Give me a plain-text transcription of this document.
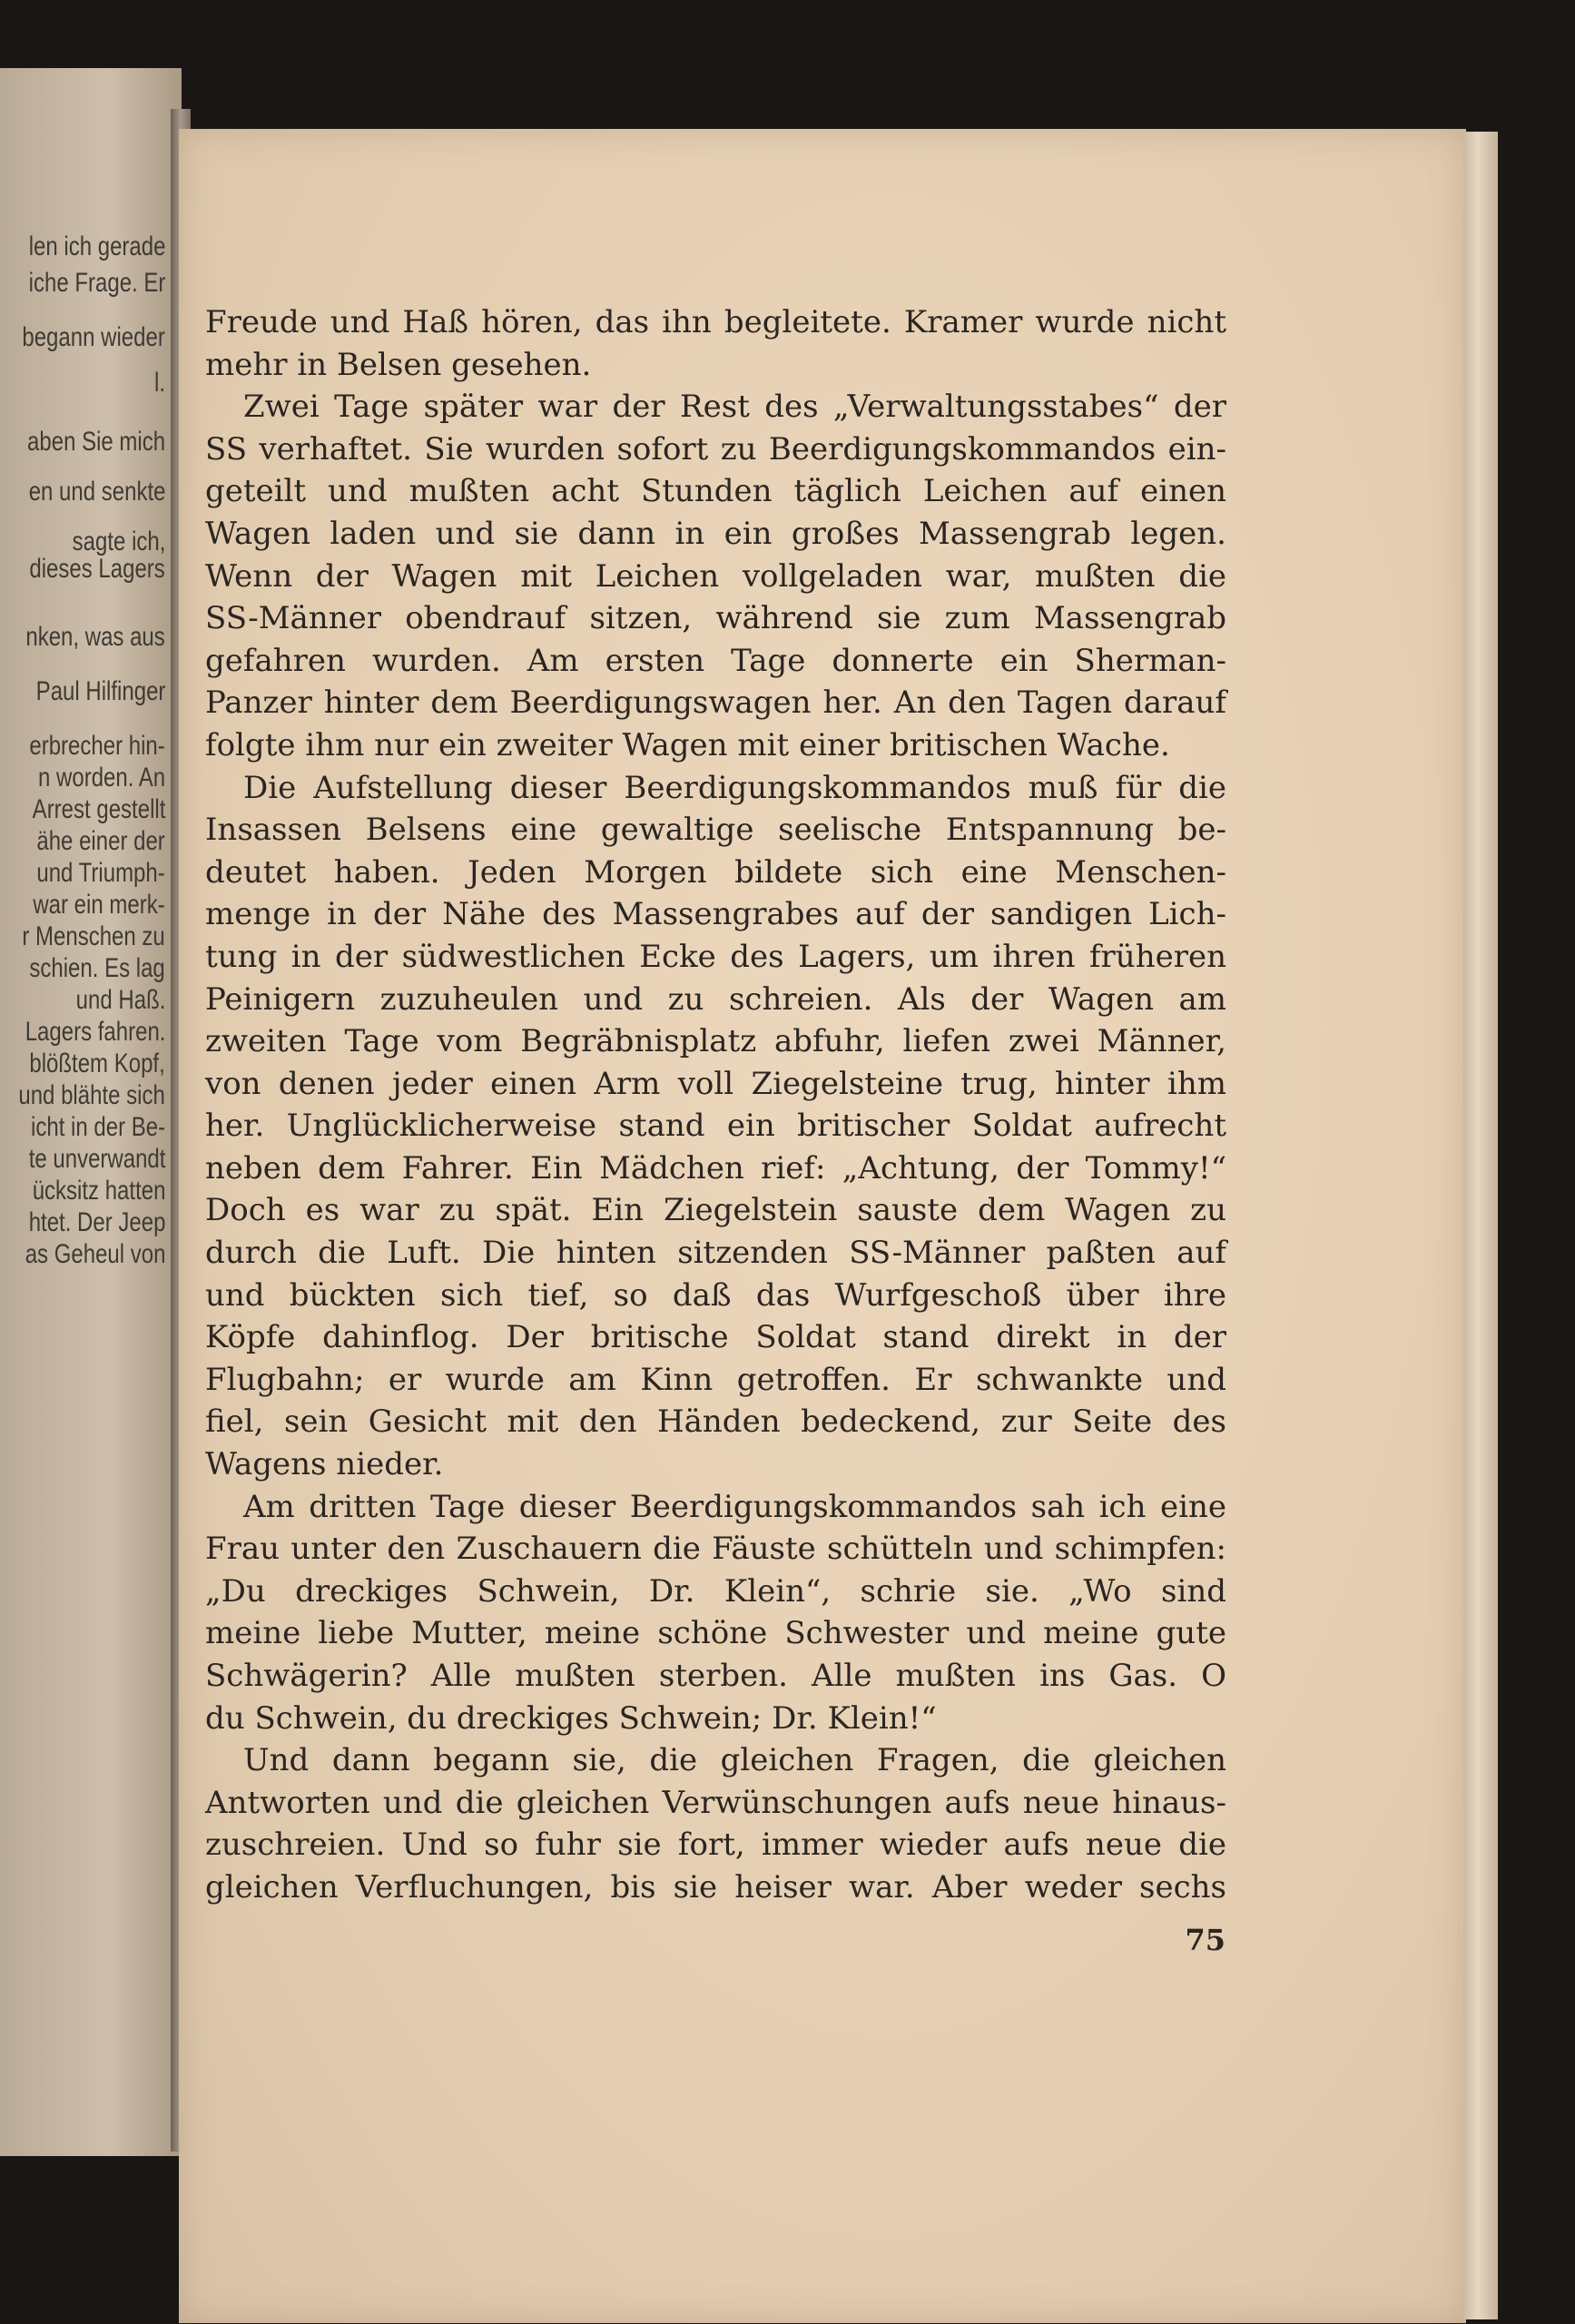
len ich gerade
iche Frage. Er
begann wieder
l.
aben Sie mich
en und senkte
sagte ich,
dieses Lagers
nken, was aus
Paul Hilfinger
erbrecher hin-
n worden. An
Arrest gestellt
ähe einer der
und Triumph-
war ein merk-
r Menschen zu
schien. Es lag
und Haß.
Lagers fahren.
blößtem Kopf,
und blähte sich
icht in der Be-
te unverwandt
ücksitz hatten
htet. Der Jeep
as Geheul von
Freude und Haß hören, das ihn begleitete. Kramer wurde nicht
mehr in Belsen gesehen.
Zwei Tage später war der Rest des „Verwaltungsstabes“ der
SS verhaftet. Sie wurden sofort zu Beerdigungskommandos ein-
geteilt und mußten acht Stunden täglich Leichen auf einen
Wagen laden und sie dann in ein großes Massengrab legen.
Wenn der Wagen mit Leichen vollgeladen war, mußten die
SS-Männer obendrauf sitzen, während sie zum Massengrab
gefahren wurden. Am ersten Tage donnerte ein Sherman-
Panzer hinter dem Beerdigungswagen her. An den Tagen darauf
folgte ihm nur ein zweiter Wagen mit einer britischen Wache.
Die Aufstellung dieser Beerdigungskommandos muß für die
Insassen Belsens eine gewaltige seelische Entspannung be-
deutet haben. Jeden Morgen bildete sich eine Menschen-
menge in der Nähe des Massengrabes auf der sandigen Lich-
tung in der südwestlichen Ecke des Lagers, um ihren früheren
Peinigern zuzuheulen und zu schreien. Als der Wagen am
zweiten Tage vom Begräbnisplatz abfuhr, liefen zwei Männer,
von denen jeder einen Arm voll Ziegelsteine trug, hinter ihm
her. Unglücklicherweise stand ein britischer Soldat aufrecht
neben dem Fahrer. Ein Mädchen rief: „Achtung, der Tommy!“
Doch es war zu spät. Ein Ziegelstein sauste dem Wagen zu
durch die Luft. Die hinten sitzenden SS-Männer paßten auf
und bückten sich tief, so daß das Wurfgeschoß über ihre
Köpfe dahinflog. Der britische Soldat stand direkt in der
Flugbahn; er wurde am Kinn getroffen. Er schwankte und
fiel, sein Gesicht mit den Händen bedeckend, zur Seite des
Wagens nieder.
Am dritten Tage dieser Beerdigungskommandos sah ich eine
Frau unter den Zuschauern die Fäuste schütteln und schimpfen:
„Du dreckiges Schwein, Dr. Klein“, schrie sie. „Wo sind
meine liebe Mutter, meine schöne Schwester und meine gute
Schwägerin? Alle mußten sterben. Alle mußten ins Gas. O
du Schwein, du dreckiges Schwein; Dr. Klein!“
Und dann begann sie, die gleichen Fragen, die gleichen
Antworten und die gleichen Verwünschungen aufs neue hinaus-
zuschreien. Und so fuhr sie fort, immer wieder aufs neue die
gleichen Verfluchungen, bis sie heiser war. Aber weder sechs
75
